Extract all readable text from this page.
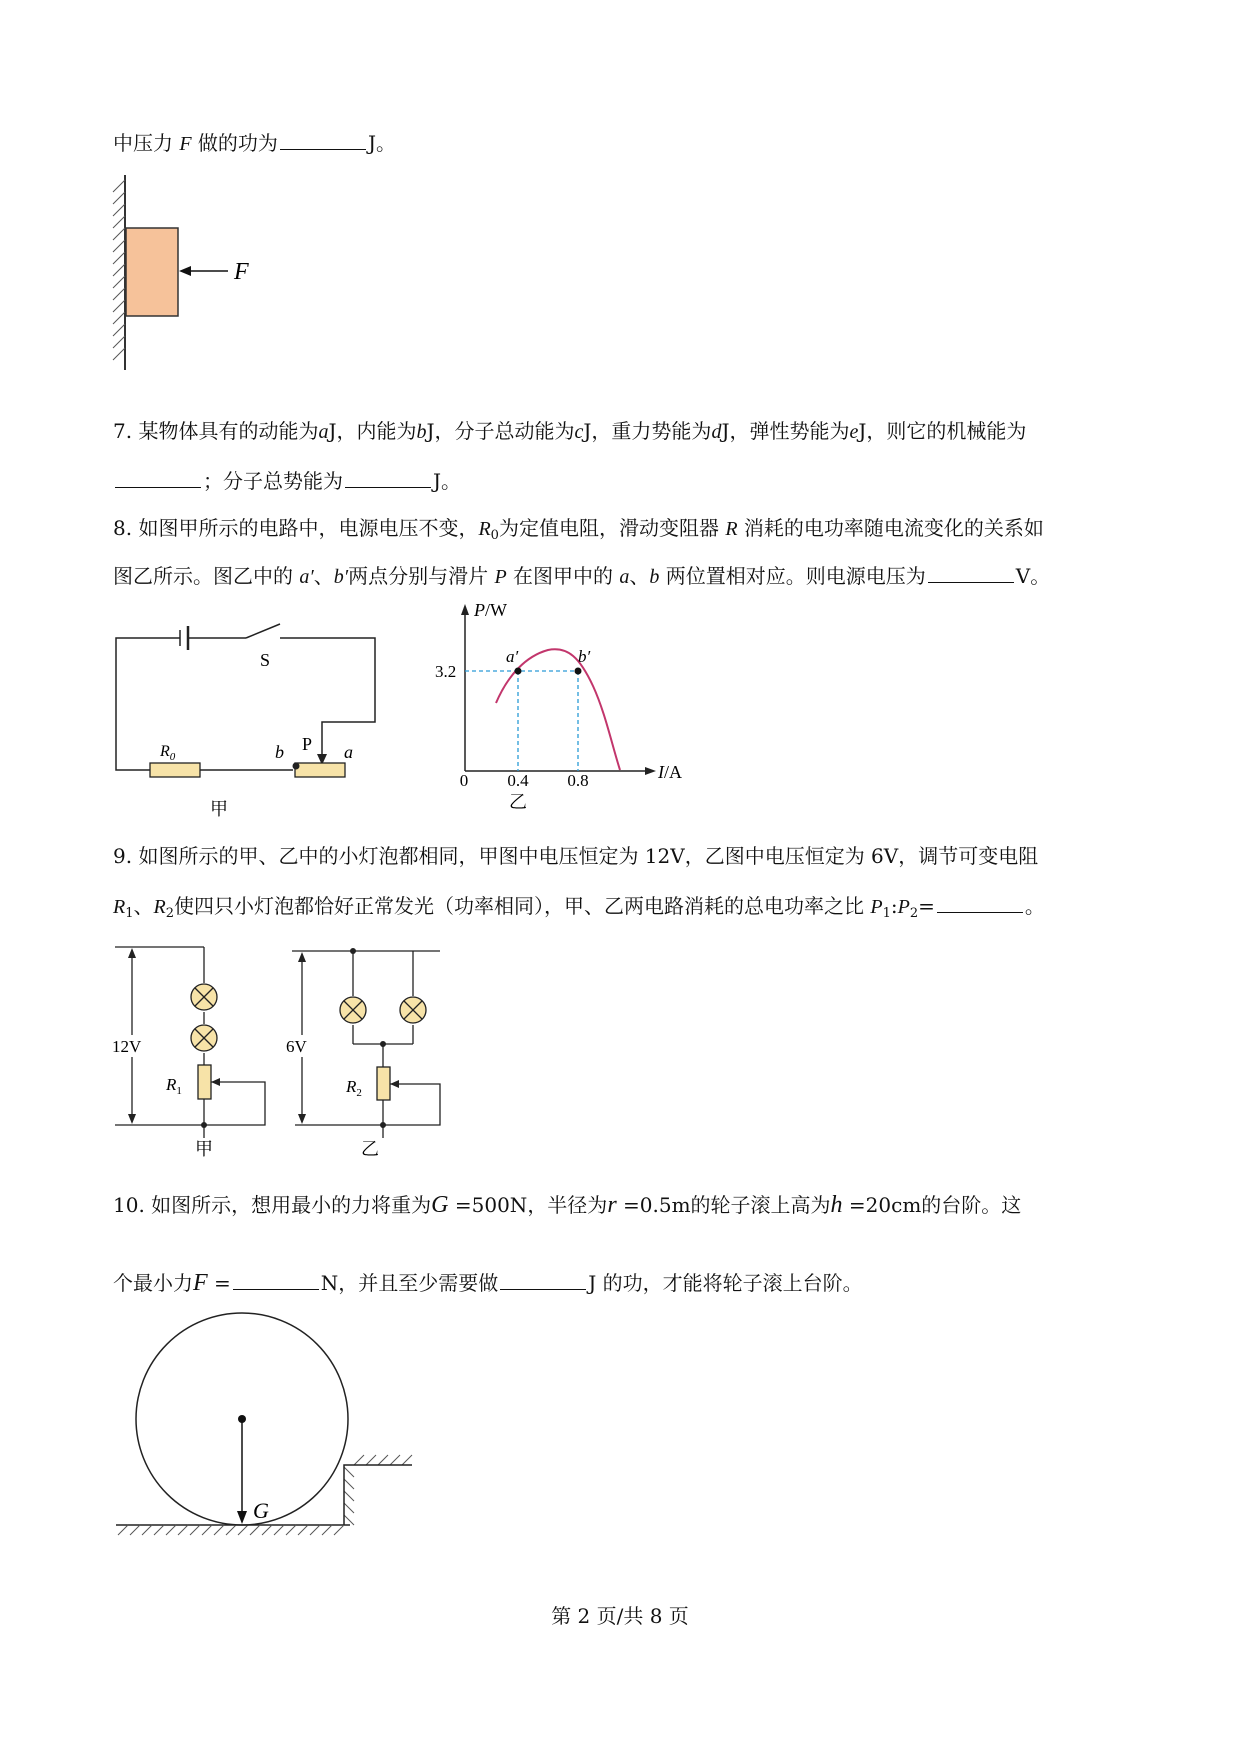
中压力 F 做的功为	J。
F
7. 某物体具有的动能为aJ，内能为bJ，分子总动能为cJ，重力势能为dJ，弹性势能为eJ，则它的机械能为
；分子总势能为	J。
8. 如图甲所示的电路中，电源电压不变，$R_0$为定值电阻，滑动变阻器 R 消耗的电功率随电流变化的关系如
图乙所示。图乙中的 a′、b′两点分别与滑片 P 在图甲中的 a、b 两位置相对应。则电源电压为	V。
S
$R_0$	b P a
甲
P/W
I/A
a′	b′
3.2
0 0.4 0.8
乙
9. 如图所示的甲、乙中的小灯泡都相同，甲图中电压恒定为 12V，乙图中电压恒定为 6V，调节可变电阻
$R_1$、$R_2$使四只小灯泡都恰好正常发光（功率相同），甲、乙两电路消耗的总电功率之比 $P_1:P_2=$	。
12V
$R_1$
甲
6V
$R_2$
乙
10. 如图所示，想用最小的力将重为G =500N，半径为r =0.5m的轮子滚上高为h =20cm的台阶。这
个最小力F =	N，并且至少需要做	J 的功，才能将轮子滚上台阶。
G
第 2 页/共 8 页
